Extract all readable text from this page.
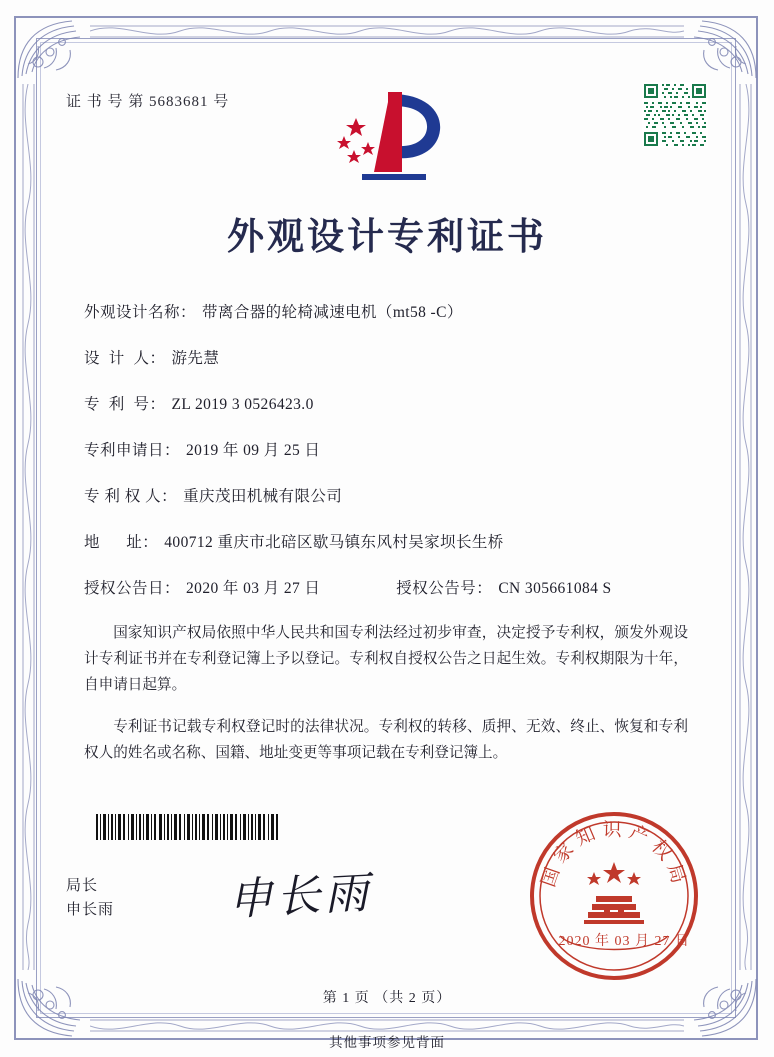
证 书 号 第 5683681 号
外观设计专利证书
外观设计名称： 带离合器的轮椅减速电机（mt58 -C）
设  计  人： 游先慧
专  利  号： ZL 2019 3 0526423.0
专利申请日： 2019 年 09 月 25 日
专 利 权 人： 重庆茂田机械有限公司
地      址： 400712 重庆市北碚区歇马镇东风村吴家坝长生桥
授权公告日： 2020 年 03 月 27 日	授权公告号： CN 305661084 S

国家知识产权局依照中华人民共和国专利法经过初步审查，决定授予专利权，颁发外观设计专利证书并在专利登记簿上予以登记。专利权自授权公告之日起生效。专利权期限为十年，自申请日起算。

专利证书记载专利权登记时的法律状况。专利权的转移、质押、无效、终止、恢复和专利权人的姓名或名称、国籍、地址变更等事项记载在专利登记簿上。

局长
申长雨	申长雨	国家知识产权局
2020 年 03 月 27 日
第 1 页 （共 2 页）
其他事项参见背面
